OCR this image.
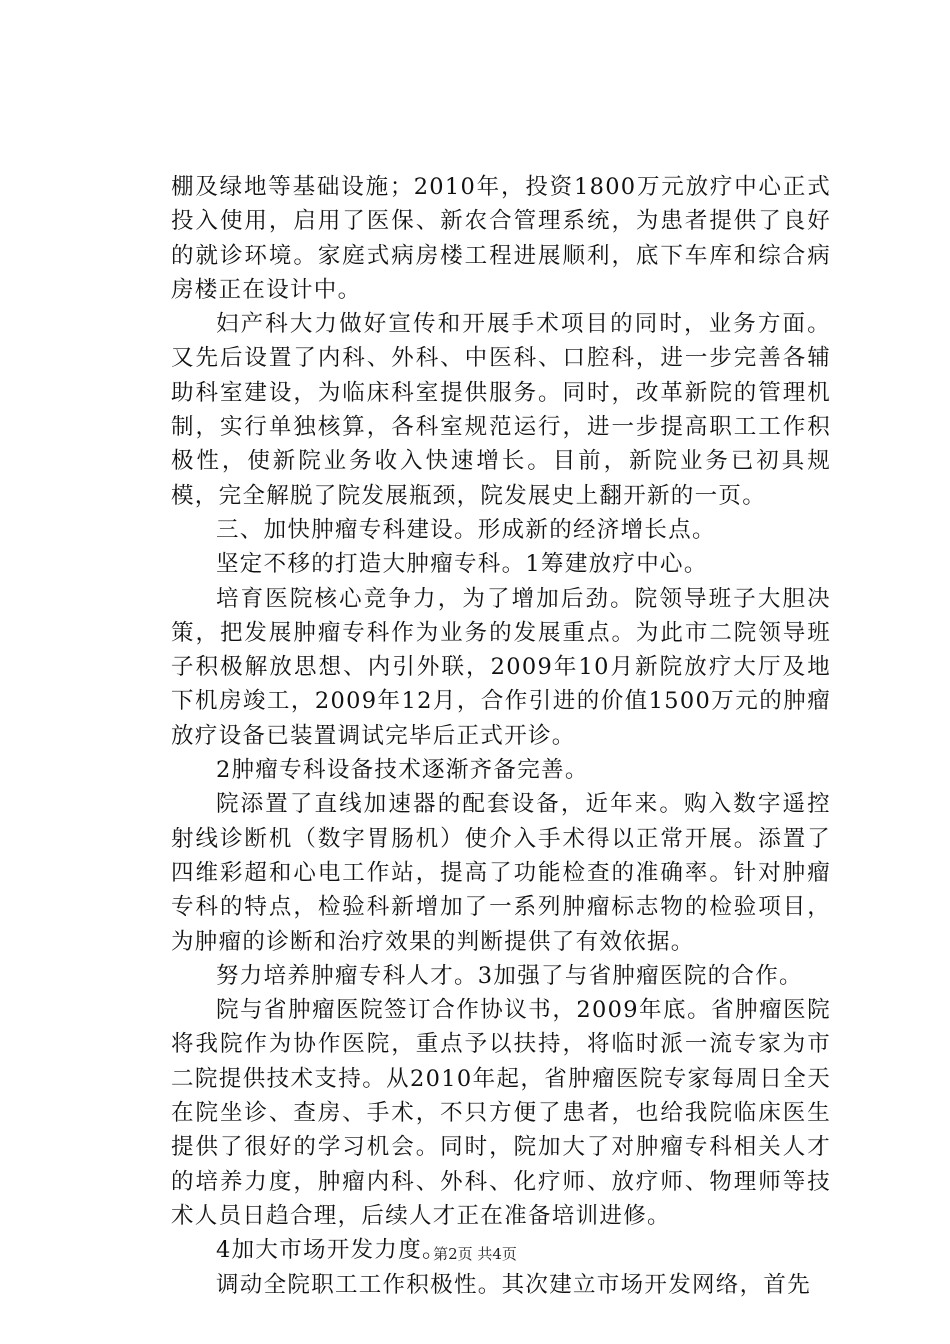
棚及绿地等基础设施；2010年，投资1800万元放疗中心正式投入使用，启用了医保、新农合管理系统，为患者提供了良好的就诊环境。家庭式病房楼工程进展顺利，底下车库和综合病房楼正在设计中。

妇产科大力做好宣传和开展手术项目的同时，业务方面。又先后设置了内科、外科、中医科、口腔科，进一步完善各辅助科室建设，为临床科室提供服务。同时，改革新院的管理机制，实行单独核算，各科室规范运行，进一步提高职工工作积极性，使新院业务收入快速增长。目前，新院业务已初具规模，完全解脱了院发展瓶颈，院发展史上翻开新的一页。

三、加快肿瘤专科建设。形成新的经济增长点。

坚定不移的打造大肿瘤专科。1筹建放疗中心。

培育医院核心竞争力，为了增加后劲。院领导班子大胆决策，把发展肿瘤专科作为业务的发展重点。为此市二院领导班子积极解放思想、内引外联，2009年10月新院放疗大厅及地下机房竣工，2009年12月，合作引进的价值1500万元的肿瘤放疗设备已装置调试完毕后正式开诊。

2肿瘤专科设备技术逐渐齐备完善。

院添置了直线加速器的配套设备，近年来。购入数字遥控射线诊断机（数字胃肠机）使介入手术得以正常开展。添置了四维彩超和心电工作站，提高了功能检查的准确率。针对肿瘤专科的特点，检验科新增加了一系列肿瘤标志物的检验项目，为肿瘤的诊断和治疗效果的判断提供了有效依据。

努力培养肿瘤专科人才。3加强了与省肿瘤医院的合作。

院与省肿瘤医院签订合作协议书，2009年底。省肿瘤医院将我院作为协作医院，重点予以扶持，将临时派一流专家为市二院提供技术支持。从2010年起，省肿瘤医院专家每周日全天在院坐诊、查房、手术，不只方便了患者，也给我院临床医生提供了很好的学习机会。同时，院加大了对肿瘤专科相关人才的培养力度，肿瘤内科、外科、化疗师、放疗师、物理师等技术人员日趋合理，后续人才正在准备培训进修。

4加大市场开发力度。

调动全院职工工作积极性。其次建立市场开发网络，首先

第2页 共4页
